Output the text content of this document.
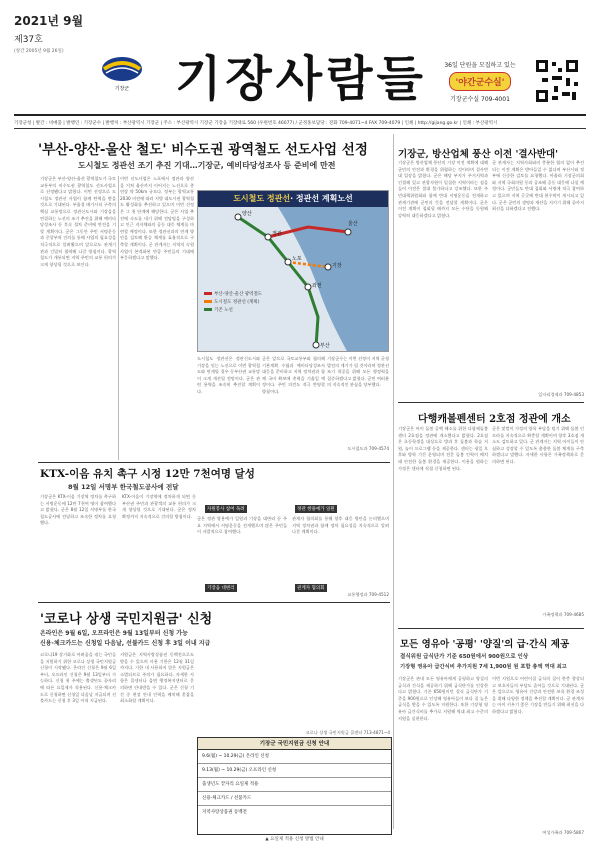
2021년 9월
제37호
(창간 2005년 9월 26일)
기장군 기장사람들	36일 단원을 모집하고 있는
'야간군수실'
기장군수실 709-4001
기장군청 | 발간 : 비매품 | 발행인 : 기장군수 | 발행처 : 부산광역시 기장군 | 주소 : 부산광역시 기장군 기장읍 기장대로 560 (우편번호 46077) / 군정홍보담당 : 전화 709-4071~4 FAX 709-4079 | 인쇄 | http://gijang.go.kr | 인쇄 : 부산광역시
'부산-양산-울산 철도' 비수도권 광역철도 선도사업 선정
도시철도 정관선 조기 추진 기대…기장군, 예비타당성조사 등 준비에 만전
기장군은 부산-양산-울산 광역철도가 국토교통부의 비수도권 광역철도 선도사업으로 선정됐다고 밝혔다. 이번 선정으로 도시철도 정관선 사업이 함께 탄력을 받을 것으로 기대된다. 부울경 메가시티 구축의 핵심 교통망으로 정관신도시와 기장읍을 연결하는 노선의 조기 추진을 위해 예비타당성조사 등 후속 절차 준비에 만전을 기할 계획이다. 군은 그동안 주민 서명운동과 중앙부처 건의를 통해 사업의 필요성을 적극적으로 알려왔으며 앞으로도 관계기관과 긴밀히 협력해 나갈 방침이다. 광역철도가 개통되면 지역 주민의 교통 편의가 크게 향상될 것으로 보인다.
이번 선도사업은 노포에서 정관과 양산을 거쳐 울산까지 이어지는 노선으로 총 연장 약 50km 규모다. 정부는 광역교통 2030 비전에 따라 지방 대도시권 광역철도 활성화를 추진하고 있으며 이번 선정은 그 첫 단계에 해당한다. 군은 사업 추진에 속도를 내기 위해 전담팀을 구성하고 인근 지자체와의 공동 대응 체계를 마련할 예정이다. 또한 정관선과의 연계 방안을 검토해 환승 체계를 효율적으로 구축할 계획이다. 군 관계자는 지역의 숙원사업이 본격화된 만큼 주민들의 기대에 부응하겠다고 말했다.
도시철도 정관선· 정관선 계획노선
울산
양산
정관
기장
노포
좌천
부산
부산-양산-울산 광역철도
도시철도 정관선 (계획)
기존 노선
도시철도 정관선은 정관신도시와 기장을 잇는 노선으로 이번 광역철도와 연계될 경우 동부산권 교통망이 크게 개선될 전망이다. 군은 관련 용역을 조속히 추진할 계획이다.
군은 앞으로 국토교통부와 협의해 기본계획 수립과 예비타당성조사 대응을 준비하고 지역 정치권과 함께 국비 확보에 총력을 기울일 예정이다. 주민 의견도 적극 반영할 방침이다.
기장군수는 이번 선정이 지역 균형발전의 계기가 될 것이라며 정관선 조기 착공을 위해 모든 행정력을 집중하겠다고 밝혔다. 군민 여러분의 지속적인 관심을 당부했다.
도시철도과 709-4574
기장군, 방산업체 풍산 이전 '결사반대'
기장군은 방산업체 풍산의 기장 이전 계획에 대해 군민의 안전과 환경을 위협하는 것이라며 결사반대 입장을 밝혔다. 군은 해당 부지가 주거지역과 인접해 있고 관광자원이 밀집한 지역이라는 점을 들어 이전은 절대 불가하다고 강조했다. 또한 주민대책위원회와 함께 반대 서명운동을 전개하고 관계기관에 군민의 뜻을 전달할 계획이다. 군은 이전 계획이 철회될 때까지 모든 수단을 동원해 강력히 대응하겠다고 밝혔다.
군 관계자는 지역사회와의 충분한 협의 없이 추진되는 이전 계획은 받아들일 수 없다며 부산시와 정부에 신중한 검토를 요청했다. 아울러 기장군의회와 지역 국회의원 등과 공조해 공동 대응에 나설 예정이다. 군민들도 반대 집회와 서명에 적극 참여하고 있으며 지역 곳곳에 반대 현수막이 게시되고 있다. 군은 군민의 생명과 재산을 지키기 위해 끝까지 최선을 다하겠다고 전했다.
일자리경제과 709-4853
다행캐볼펜센터 2호점 정관에 개소
기장군은 아이 돌봄 공백 해소를 위한 다함께돌봄센터 2호점을 정관에 개소했다고 밝혔다. 2호점은 초등학생을 대상으로 방과 후 돌봄과 학습 지원, 놀이 프로그램 등을 제공한다. 센터는 평일 오후와 방학 기간 운영되며 전문 돌봄 인력이 배치돼 안전한 돌봄 환경을 제공한다. 이용을 원하는 가정은 센터에 직접 신청하면 된다.
군은 맞벌이 가정의 양육 부담을 덜기 위해 돌봄 인프라를 지속적으로 확충할 계획이며 향후 3호점 개소도 검토하고 있다. 군 관계자는 지역 아이들이 안심하고 성장할 수 있도록 촘촘한 돌봄 체계를 구축하겠다고 말했다. 자세한 사항은 가족정책과로 문의하면 된다.
가족정책과 709-4685
KTX-이음 유치 촉구 시정 12만 7천여명 달성
8월 12일 서명부 한국철도공사에 전달
기장군은 KTX-이음 기장역 정차를 촉구하는 서명운동에 12만 7천여 명이 참여했다고 밝혔다. 군은 8월 12일 서명부를 한국철도공사에 전달하고 조속한 정차를 요청했다.
KTX-이음이 기장역에 정차하게 되면 동부산권 주민과 관광객의 교통 편의가 크게 향상될 것으로 기대된다. 군은 정차 확정까지 지속적으로 건의할 방침이다.
자원봉사 참여 독려	정관 쌍용예가 일원
군은 정관 쌍용예가 일원과 기장읍 대변리 등 주요 지역에서 서명운동을 전개했으며 많은 주민들이 자발적으로 참여했다.
관계자 협의회를 통해 향후 대응 방안을 논의했으며 지역 정치권과 함께 정차 필요성을 지속적으로 알려 나갈 계획이다.
기장읍 대변리	관계자 협의회
교통행정과 709-4512
'코로나 상생 국민지원금' 신청
온라인은 9월 6일, 오프라인은 9월 13일부터 신청 가능
신용·체크카드는 신청일 다음날, 선불카드 신청 후 3일 이내 지급
코로나19 장기화로 어려움을 겪는 국민들을 지원하기 위한 코로나 상생 국민지원금 신청이 시작됐다. 온라인 신청은 9월 6일부터, 오프라인 신청은 9월 13일부터 가능하다. 신청 첫 주에는 출생년도 끝자리에 따른 요일제가 적용된다. 신용·체크카드로 신청하면 신청일 다음날 지급되며 선불카드는 신청 후 3일 이내 지급된다.
지원금은 지역사랑상품권 동백전으로도 받을 수 있으며 사용 기한은 12월 31일까지다. 기한 내 사용하지 않은 지원금은 소멸되므로 주의가 필요하다. 자세한 사항은 콜센터나 읍면 행정복지센터로 문의하면 안내받을 수 있다. 군은 신청 기간 중 현장 안내 인력을 배치해 혼잡을 최소화할 계획이다.
코로나 상생 국민지원금 콜센터 713-4871~4
기장군 국민지원금 신청 안내
9.6(월) ~ 10.29(금) 온라인 신청
9.13(월) ~ 10.29(금) 오프라인 신청
출생년도 끝자리 요일제 적용
신용·체크카드 / 선불카드
지역사랑상품권 동백전
▲ 요일제 적용 신청 방법 안내
모든 영유아 '공평' '양질'의 급·간식 제공
결식위원 급식단가 기준 650원에서 900원으로 인상
기장형 영유아 급간식비 추가지원 7세 1,900원 원 포함 총액 역대 최고
기장군은 관내 모든 영유아에게 공평하고 양질의 급식과 간식을 제공하기 위해 급식단가를 인상한다고 밝혔다. 기존 650원이던 결식 급식단가 기준을 900원으로 인상해 영유아들이 보다 질 높은 급식을 받을 수 있도록 지원한다. 또한 기장형 영유아 급간식비를 추가로 지원해 역대 최고 수준의 지원을 실현한다.
이번 지원으로 어린이집 급식의 질이 한층 향상되고 보호자들의 부담도 줄어들 것으로 기대된다. 군은 앞으로도 영유아 건강과 안전한 보육 환경 조성을 위해 다양한 정책을 추진할 계획이다. 군 관계자는 아이 키우기 좋은 기장을 만들기 위해 최선을 다하겠다고 밝혔다.
여성가족과 709-5867
